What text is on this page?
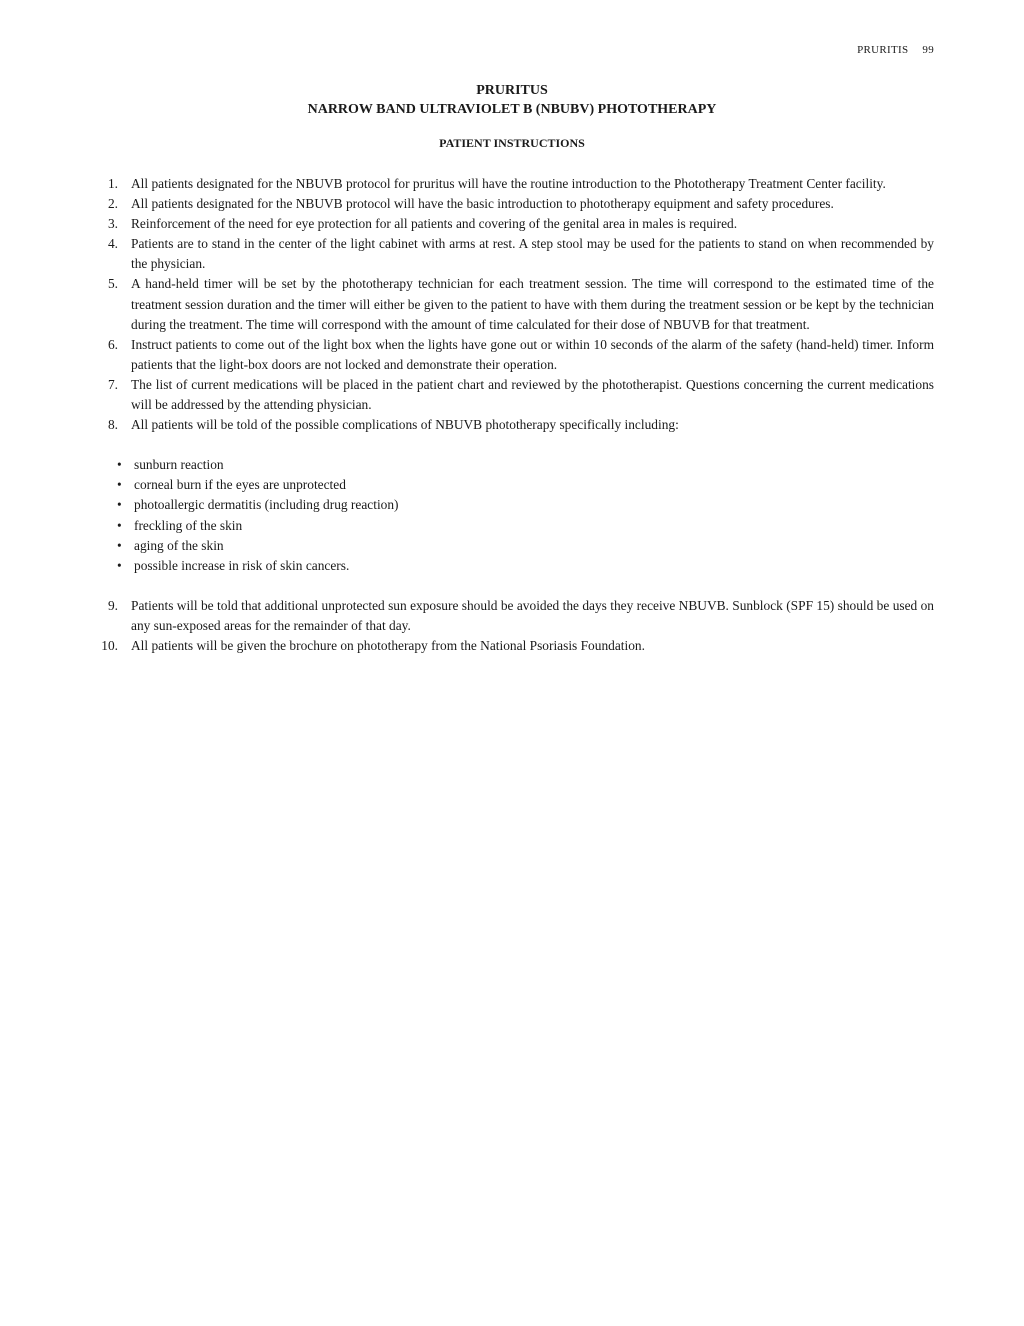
PRURITIS 99
PRURITUS
NARROW BAND ULTRAVIOLET B (NBUBV) PHOTOTHERAPY
PATIENT INSTRUCTIONS
1. All patients designated for the NBUVB protocol for pruritus will have the routine introduction to the Phototherapy Treatment Center facility.
2. All patients designated for the NBUVB protocol will have the basic introduction to phototherapy equipment and safety procedures.
3. Reinforcement of the need for eye protection for all patients and covering of the genital area in males is required.
4. Patients are to stand in the center of the light cabinet with arms at rest. A step stool may be used for the patients to stand on when recommended by the physician.
5. A hand-held timer will be set by the phototherapy technician for each treatment session. The time will correspond to the estimated time of the treatment session duration and the timer will either be given to the patient to have with them during the treatment session or be kept by the technician during the treatment. The time will correspond with the amount of time calculated for their dose of NBUVB for that treatment.
6. Instruct patients to come out of the light box when the lights have gone out or within 10 seconds of the alarm of the safety (hand-held) timer. Inform patients that the light-box doors are not locked and demonstrate their operation.
7. The list of current medications will be placed in the patient chart and reviewed by the phototherapist. Questions concerning the current medications will be addressed by the attending physician.
8. All patients will be told of the possible complications of NBUVB phototherapy specifically including:
• sunburn reaction
• corneal burn if the eyes are unprotected
• photoallergic dermatitis (including drug reaction)
• freckling of the skin
• aging of the skin
• possible increase in risk of skin cancers.
9. Patients will be told that additional unprotected sun exposure should be avoided the days they receive NBUVB. Sunblock (SPF 15) should be used on any sun-exposed areas for the remainder of that day.
10. All patients will be given the brochure on phototherapy from the National Psoriasis Foundation.
